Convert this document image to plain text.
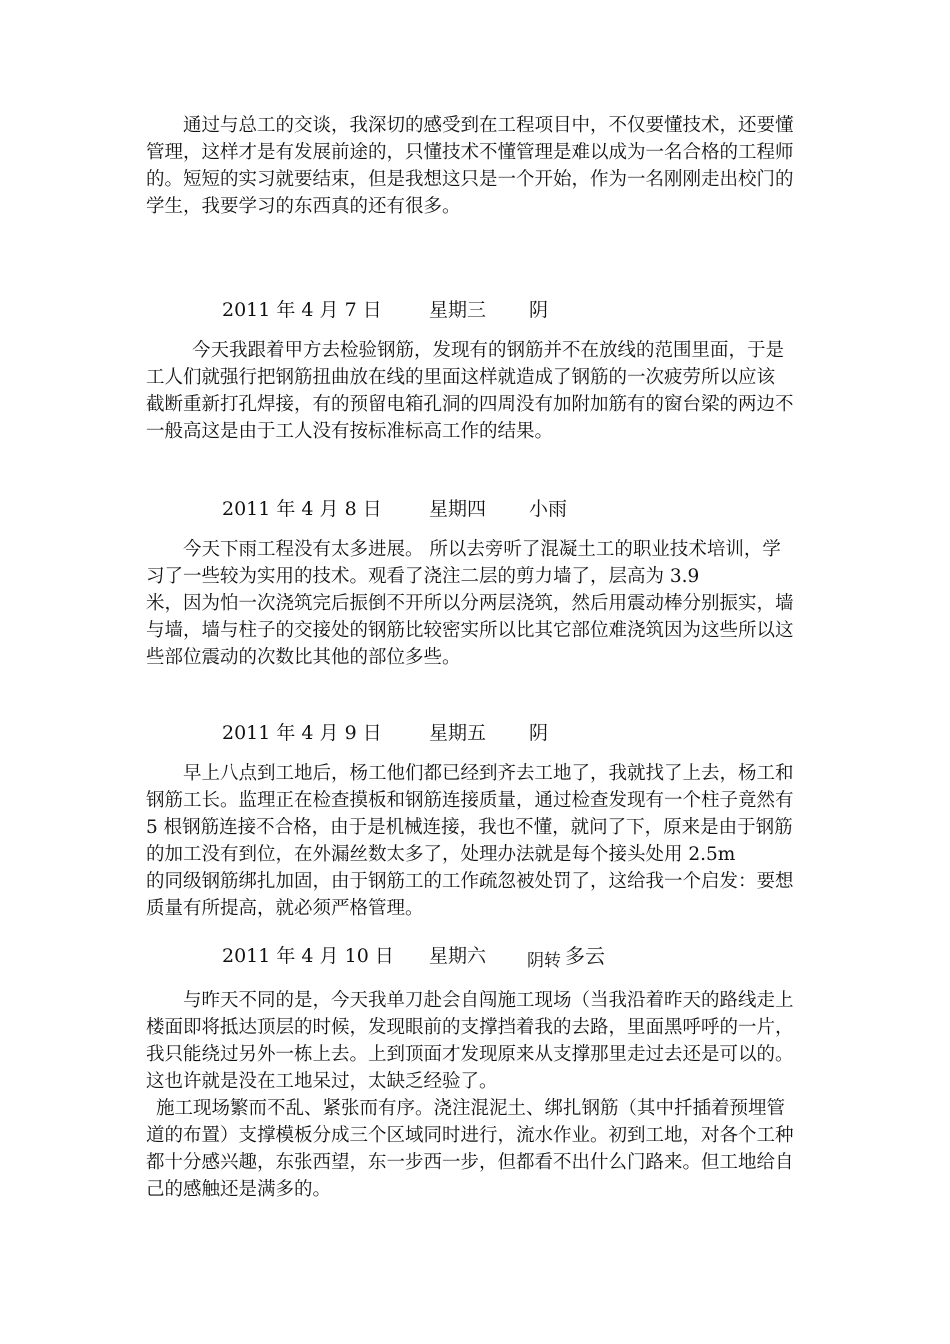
通过与总工的交谈，我深切的感受到在工程项目中，不仅要懂技术，还要懂
管理，这样才是有发展前途的，只懂技术不懂管理是难以成为一名合格的工程师
的。短短的实习就要结束，但是我想这只是一个开始，作为一名刚刚走出校门的
学生，我要学习的东西真的还有很多。

2011 年 4 月 7 日 星期三 阴

今天我跟着甲方去检验钢筋，发现有的钢筋并不在放线的范围里面，于是
工人们就强行把钢筋扭曲放在线的里面这样就造成了钢筋的一次疲劳所以应该
截断重新打孔焊接，有的预留电箱孔洞的四周没有加附加筋有的窗台梁的两边不
一般高这是由于工人没有按标准标高工作的结果。

2011 年 4 月 8 日 星期四 小雨

今天下雨工程没有太多进展。 所以去旁听了混凝土工的职业技术培训，学
习了一些较为实用的技术。观看了浇注二层的剪力墙了，层高为 3.9
米，因为怕一次浇筑完后振倒不开所以分两层浇筑，然后用震动棒分别振实，墙
与墙，墙与柱子的交接处的钢筋比较密实所以比其它部位难浇筑因为这些所以这
些部位震动的次数比其他的部位多些。

2011 年 4 月 9 日 星期五 阴

早上八点到工地后，杨工他们都已经到齐去工地了，我就找了上去，杨工和
钢筋工长。监理正在检查摸板和钢筋连接质量，通过检查发现有一个柱子竟然有
5 根钢筋连接不合格，由于是机械连接，我也不懂，就问了下，原来是由于钢筋
的加工没有到位，在外漏丝数太多了，处理办法就是每个接头处用 2.5m
的同级钢筋绑扎加固，由于钢筋工的工作疏忽被处罚了，这给我一个启发：要想
质量有所提高，就必须严格管理。

2011 年 4 月 10 日 星期六 阴转 多云

与昨天不同的是，今天我单刀赴会自闯施工现场（当我沿着昨天的路线走上
楼面即将抵达顶层的时候，发现眼前的支撑挡着我的去路，里面黑呼呼的一片，
我只能绕过另外一栋上去。上到顶面才发现原来从支撑那里走过去还是可以的。
这也许就是没在工地呆过，太缺乏经验了。
施工现场繁而不乱、紧张而有序。浇注混泥土、绑扎钢筋（其中扦插着预埋管
道的布置）支撑模板分成三个区域同时进行，流水作业。初到工地，对各个工种
都十分感兴趣，东张西望，东一步西一步，但都看不出什么门路来。但工地给自
己的感触还是满多的。
